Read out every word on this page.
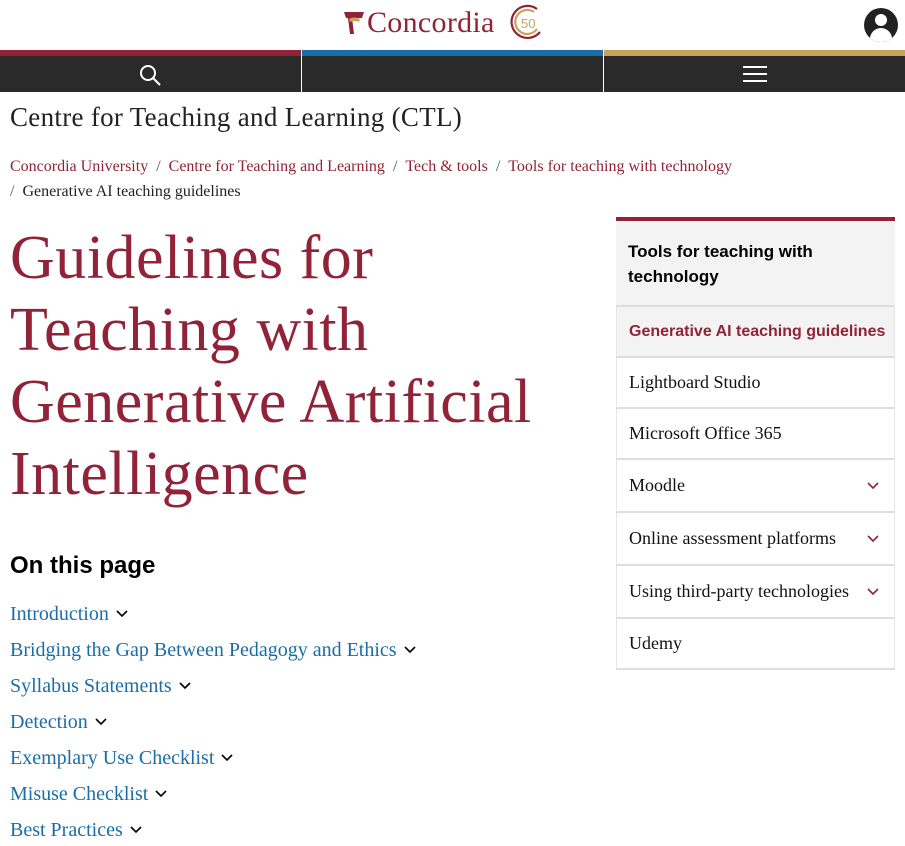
Concordia 50
Centre for Teaching and Learning (CTL)
Concordia University / Centre for Teaching and Learning / Tech & tools / Tools for teaching with technology
/ Generative AI teaching guidelines
Guidelines for Teaching with Generative Artificial Intelligence
On this page
Introduction
Bridging the Gap Between Pedagogy and Ethics
Syllabus Statements
Detection
Exemplary Use Checklist
Misuse Checklist
Best Practices
Tools for teaching with technology
Generative AI teaching guidelines
Lightboard Studio
Microsoft Office 365
Moodle
Online assessment platforms
Using third-party technologies
Udemy
